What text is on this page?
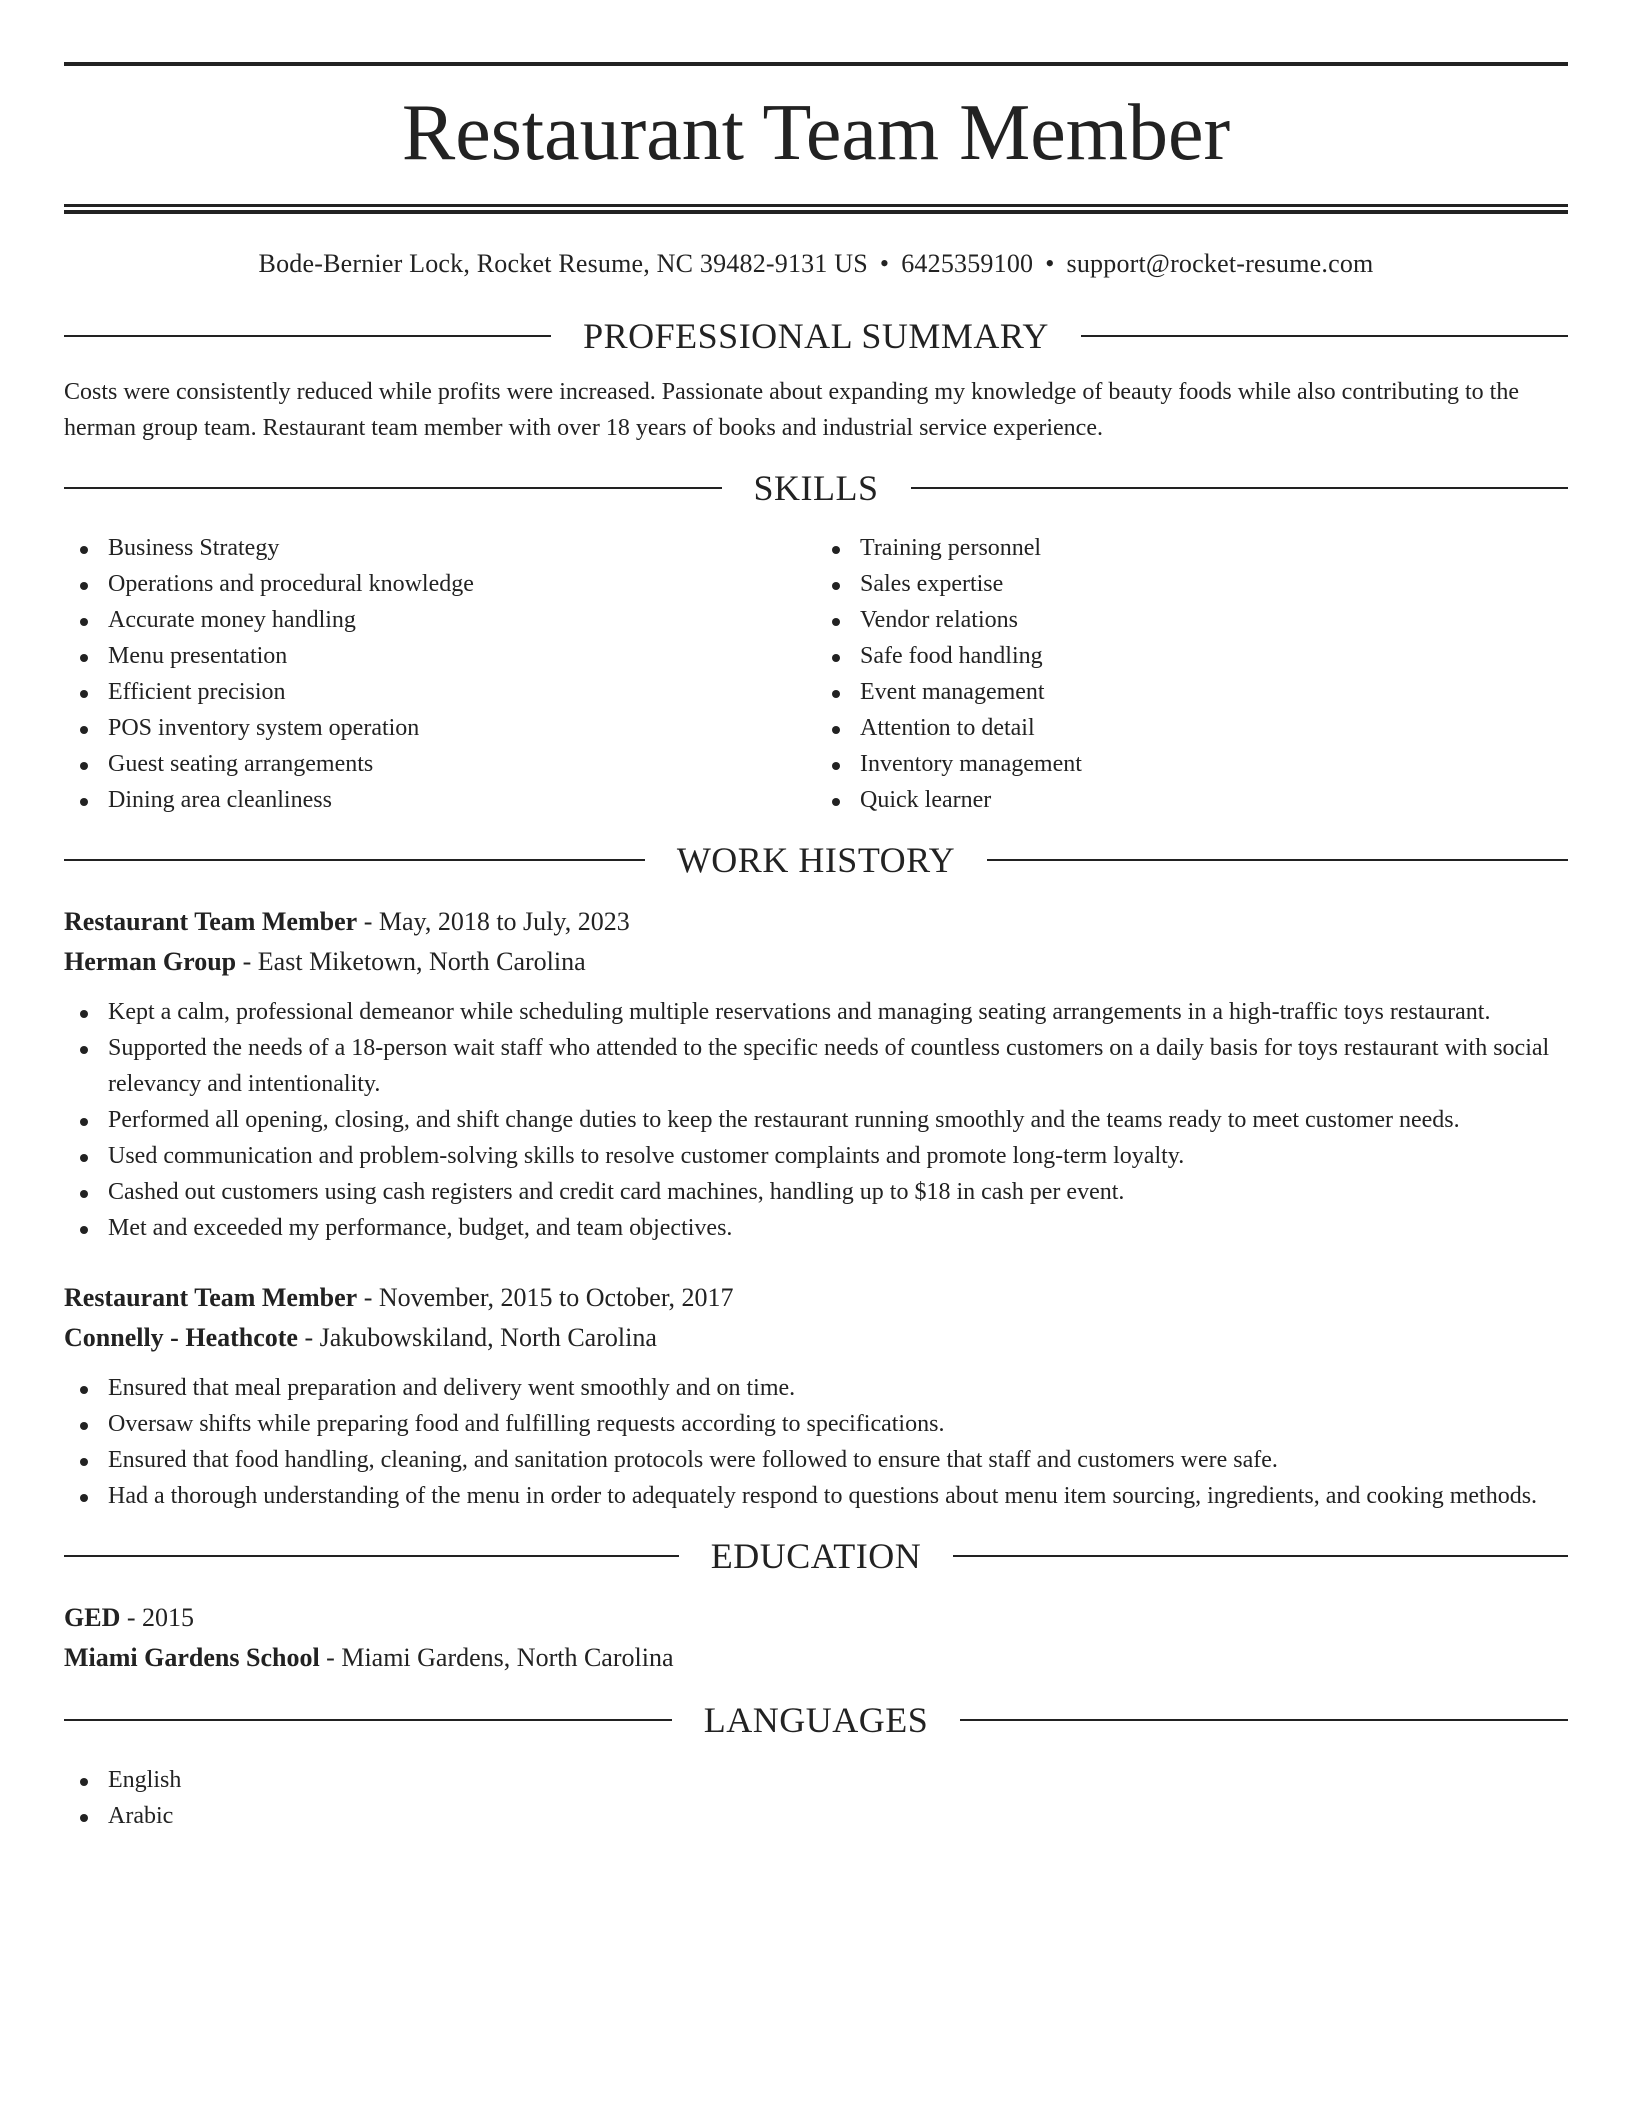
Restaurant Team Member
Bode-Bernier Lock, Rocket Resume, NC 39482-9131 US • 6425359100 • support@rocket-resume.com
PROFESSIONAL SUMMARY

Costs were consistently reduced while profits were increased. Passionate about expanding my knowledge of beauty foods while also contributing to the herman group team. Restaurant team member with over 18 years of books and industrial service experience.

SKILLS
Business Strategy
Operations and procedural knowledge
Accurate money handling
Menu presentation
Efficient precision
POS inventory system operation
Guest seating arrangements
Dining area cleanliness
Training personnel
Sales expertise
Vendor relations
Safe food handling
Event management
Attention to detail
Inventory management
Quick learner
WORK HISTORY
Restaurant Team Member - May, 2018 to July, 2023
Herman Group - East Miketown, North Carolina
Kept a calm, professional demeanor while scheduling multiple reservations and managing seating arrangements in a high-traffic toys restaurant.
Supported the needs of a 18-person wait staff who attended to the specific needs of countless customers on a daily basis for toys restaurant with social relevancy and intentionality.
Performed all opening, closing, and shift change duties to keep the restaurant running smoothly and the teams ready to meet customer needs.
Used communication and problem-solving skills to resolve customer complaints and promote long-term loyalty.
Cashed out customers using cash registers and credit card machines, handling up to $18 in cash per event.
Met and exceeded my performance, budget, and team objectives.
Restaurant Team Member - November, 2015 to October, 2017
Connelly - Heathcote - Jakubowskiland, North Carolina
Ensured that meal preparation and delivery went smoothly and on time.
Oversaw shifts while preparing food and fulfilling requests according to specifications.
Ensured that food handling, cleaning, and sanitation protocols were followed to ensure that staff and customers were safe.
Had a thorough understanding of the menu in order to adequately respond to questions about menu item sourcing, ingredients, and cooking methods.
EDUCATION
GED - 2015
Miami Gardens School - Miami Gardens, North Carolina
LANGUAGES
English
Arabic
